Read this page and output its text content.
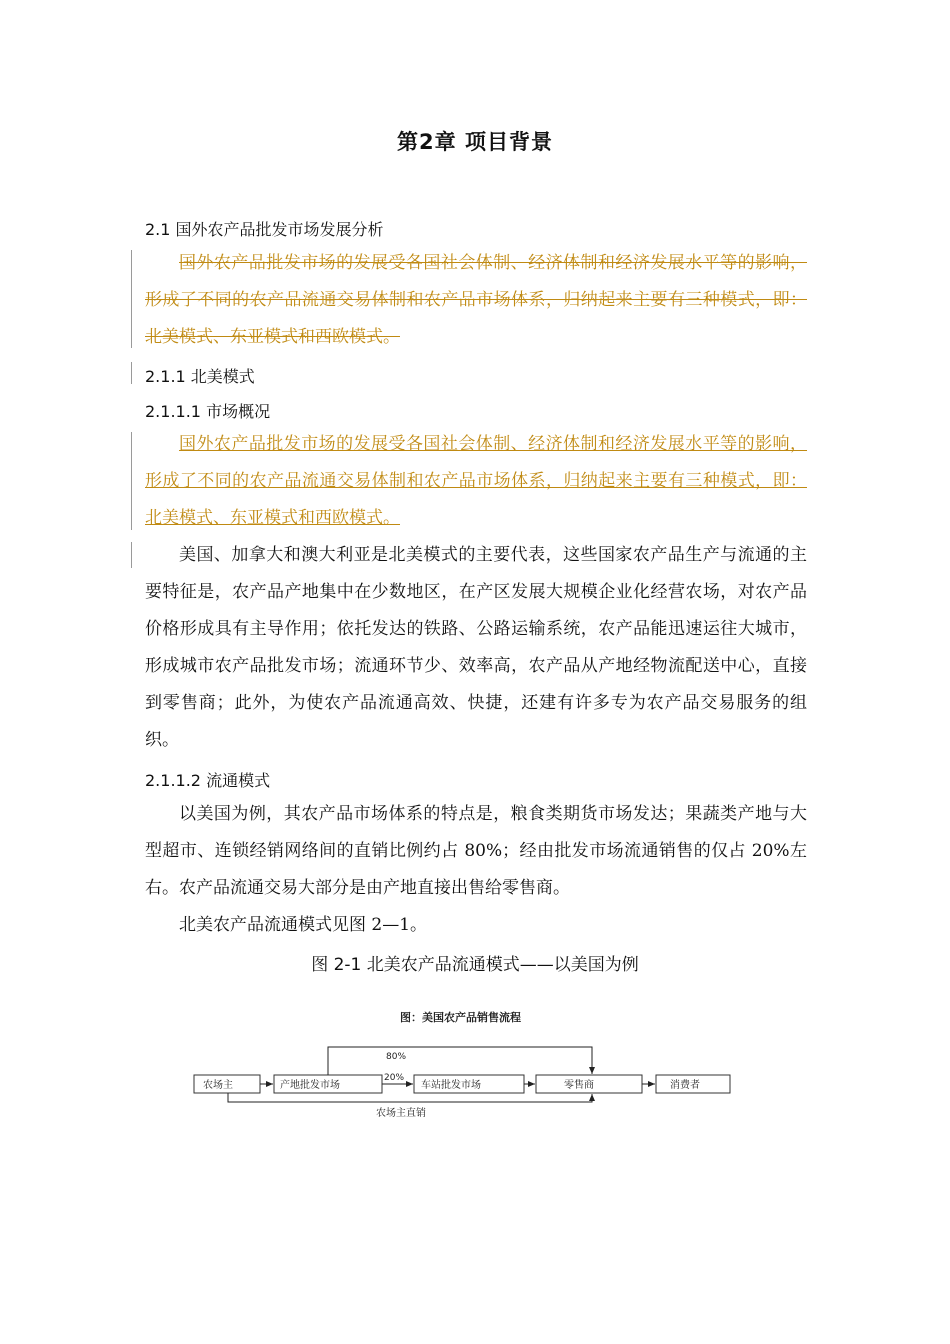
第2章 项目背景
2.1 国外农产品批发市场发展分析
国外农产品批发市场的发展受各国社会体制、经济体制和经济发展水平等的影响，形成了不同的农产品流通交易体制和农产品市场体系，归纳起来主要有三种模式，即：北美模式、东亚模式和西欧模式。
2.1.1 北美模式
2.1.1.1 市场概况
国外农产品批发市场的发展受各国社会体制、经济体制和经济发展水平等的影响，形成了不同的农产品流通交易体制和农产品市场体系，归纳起来主要有三种模式，即：北美模式、东亚模式和西欧模式。
美国、加拿大和澳大利亚是北美模式的主要代表，这些国家农产品生产与流通的主要特征是，农产品产地集中在少数地区，在产区发展大规模企业化经营农场，对农产品价格形成具有主导作用；依托发达的铁路、公路运输系统，农产品能迅速运往大城市，形成城市农产品批发市场；流通环节少、效率高，农产品从产地经物流配送中心，直接到零售商；此外，为使农产品流通高效、快捷，还建有许多专为农产品交易服务的组织。
2.1.1.2 流通模式
以美国为例，其农产品市场体系的特点是，粮食类期货市场发达；果蔬类产地与大型超市、连锁经销网络间的直销比例约占 80%；经由批发市场流通销售的仅占 20%左右。农产品流通交易大部分是由产地直接出售给零售商。
北美农产品流通模式见图 2—1。
图 2-1 北美农产品流通模式——以美国为例
图：美国农产品销售流程
农场主	产地批发市场	车站批发市场	零售商	消费者
80%
20%
农场主直销
